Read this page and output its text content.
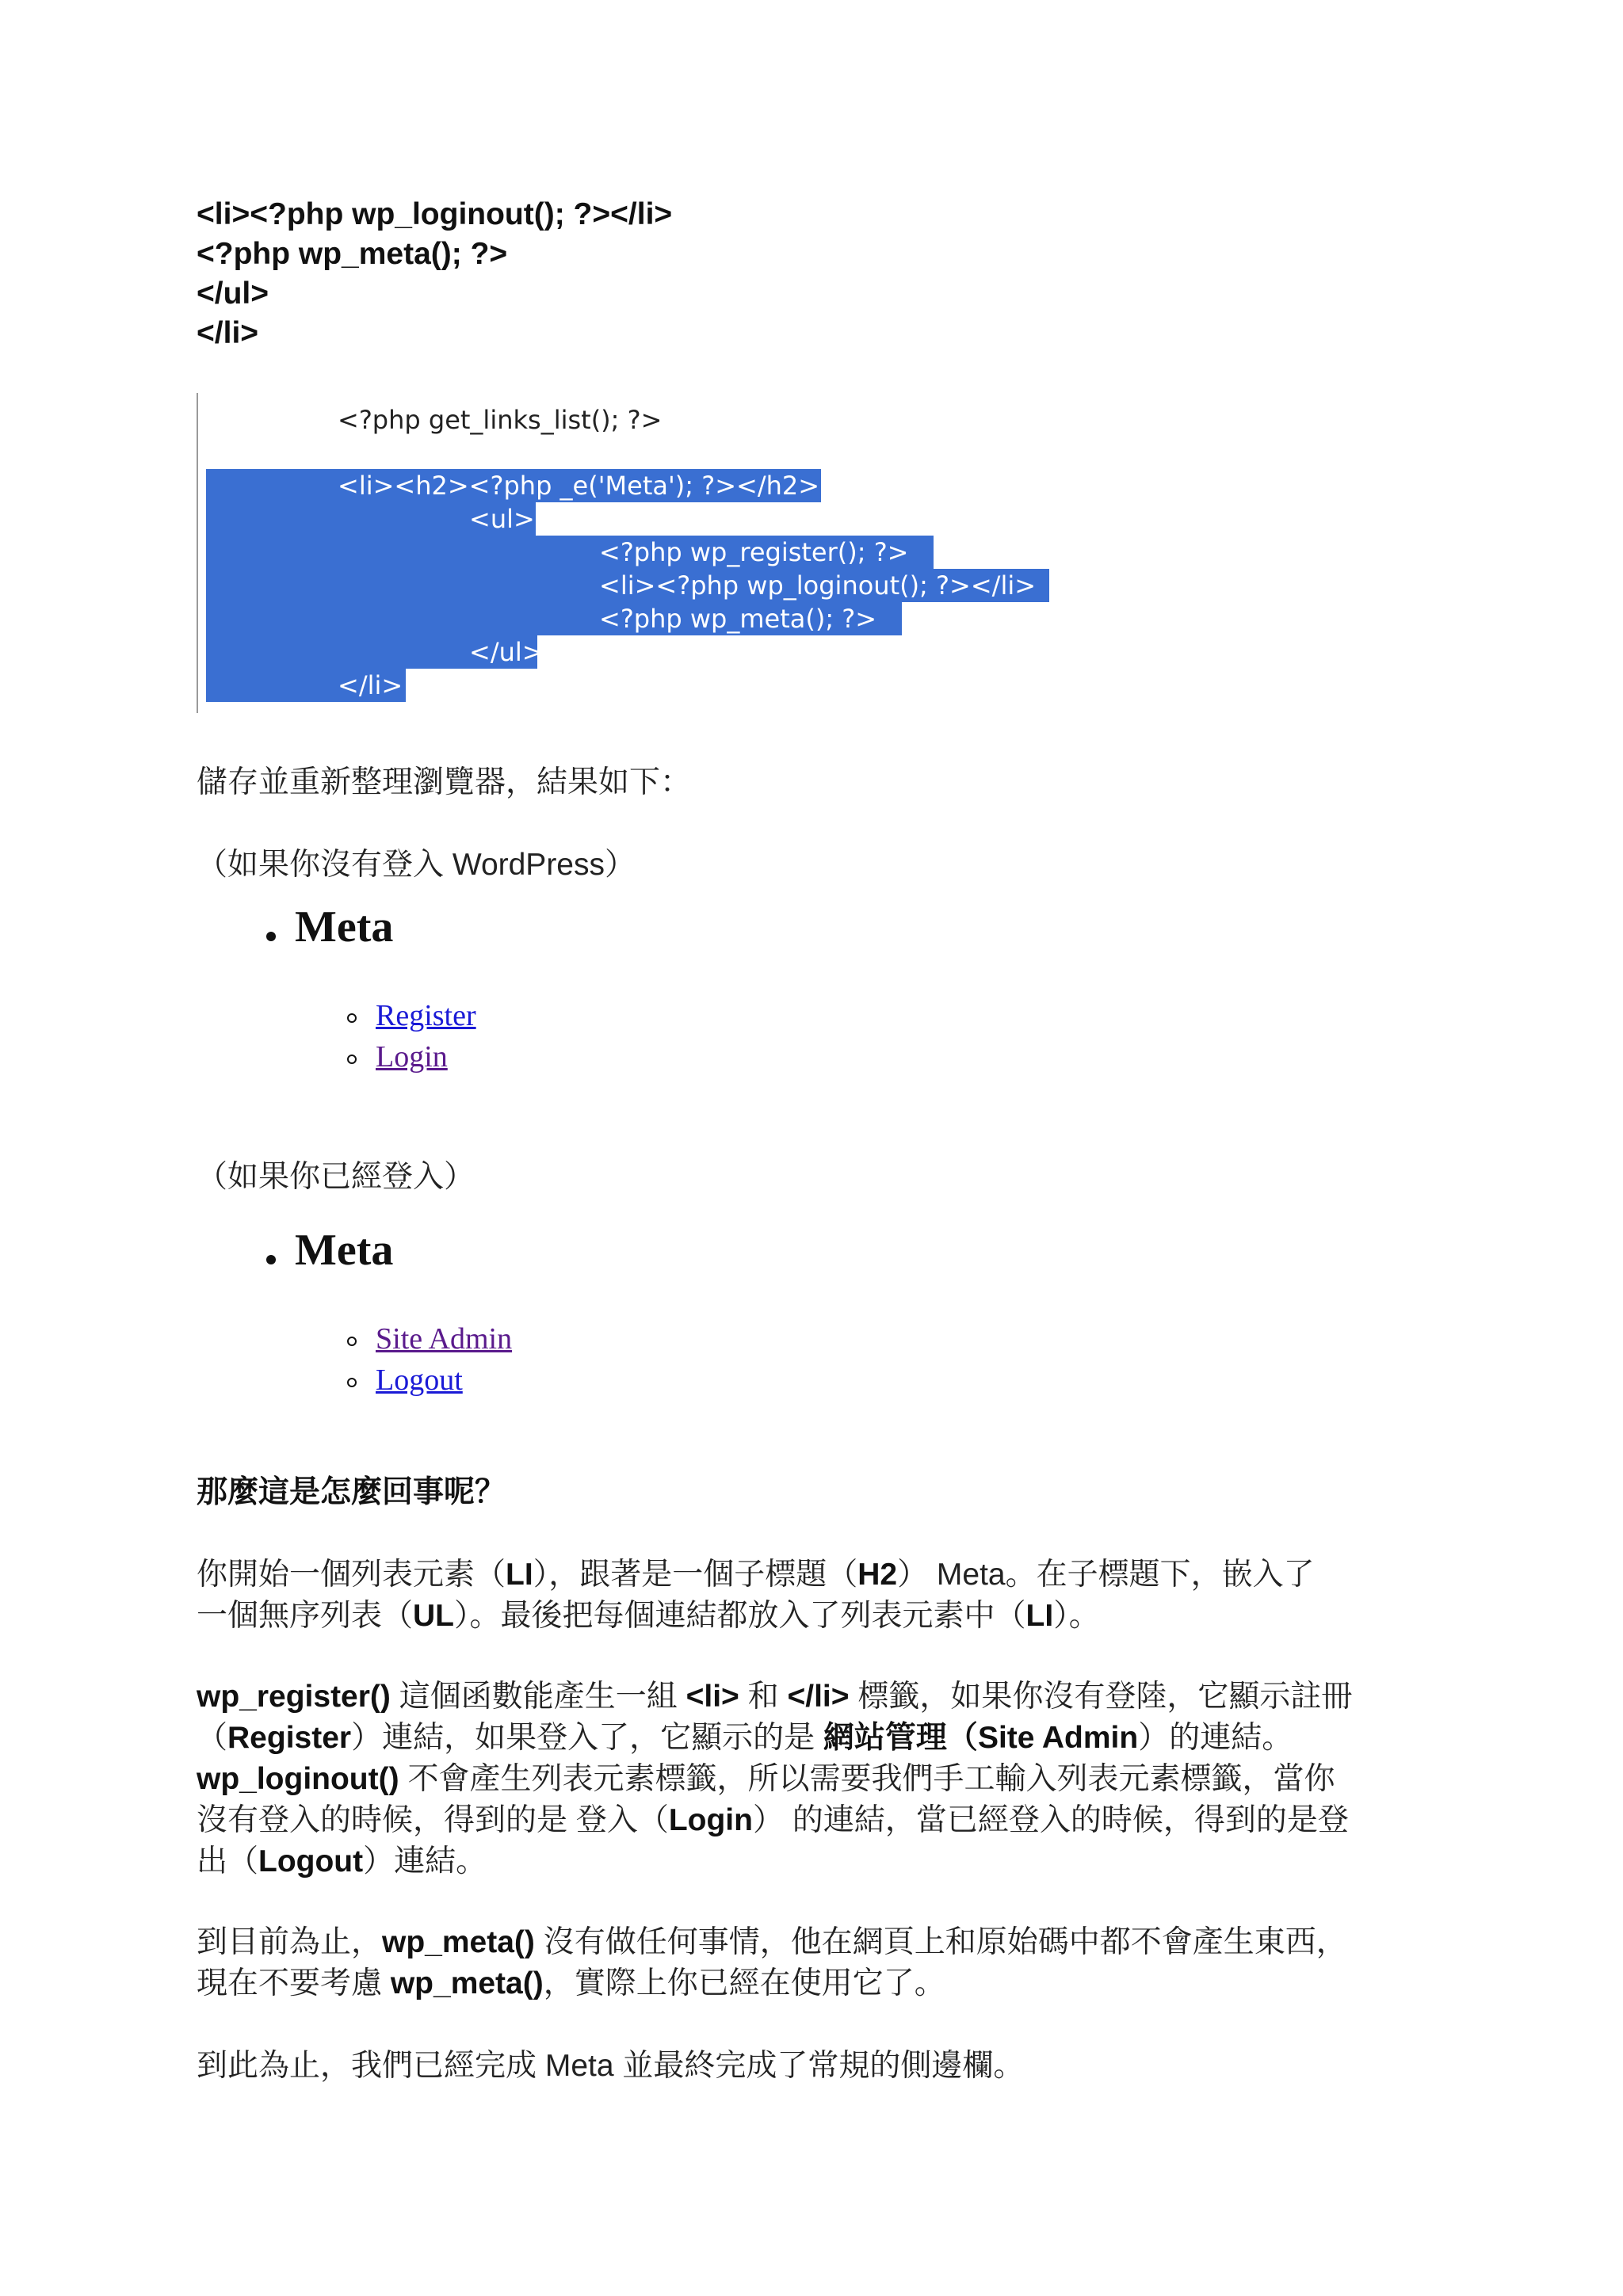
<li><?php wp_loginout(); ?></li>
<?php wp_meta(); ?>
</ul>
</li>
<?php get_links_list(); ?>
<li><h2><?php _e('Meta'); ?></h2>
<ul>
<?php wp_register(); ?>
<li><?php wp_loginout(); ?></li>
<?php wp_meta(); ?>
</ul>
</li>
儲存並重新整理瀏覽器，結果如下：
（如果你沒有登入 WordPress）
Meta
Register
Login
（如果你已經登入）
Meta
Site Admin
Logout
那麼這是怎麼回事呢？
你開始一個列表元素（LI），跟著是一個子標題（H2） Meta。在子標題下，嵌入了
一個無序列表（UL）。最後把每個連結都放入了列表元素中（LI）。
wp_register() 這個函數能產生一組 <li> 和 </li> 標籤，如果你沒有登陸，它顯示註冊
（Register）連結，如果登入了，它顯示的是 網站管理（Site Admin）的連結。
wp_loginout() 不會產生列表元素標籤，所以需要我們手工輸入列表元素標籤，當你
沒有登入的時候，得到的是 登入（Login） 的連結，當已經登入的時候，得到的是登
出（Logout）連結。
到目前為止，wp_meta() 沒有做任何事情，他在網頁上和原始碼中都不會產生東西，
現在不要考慮 wp_meta()，實際上你已經在使用它了。
到此為止，我們已經完成 Meta 並最終完成了常規的側邊欄。
